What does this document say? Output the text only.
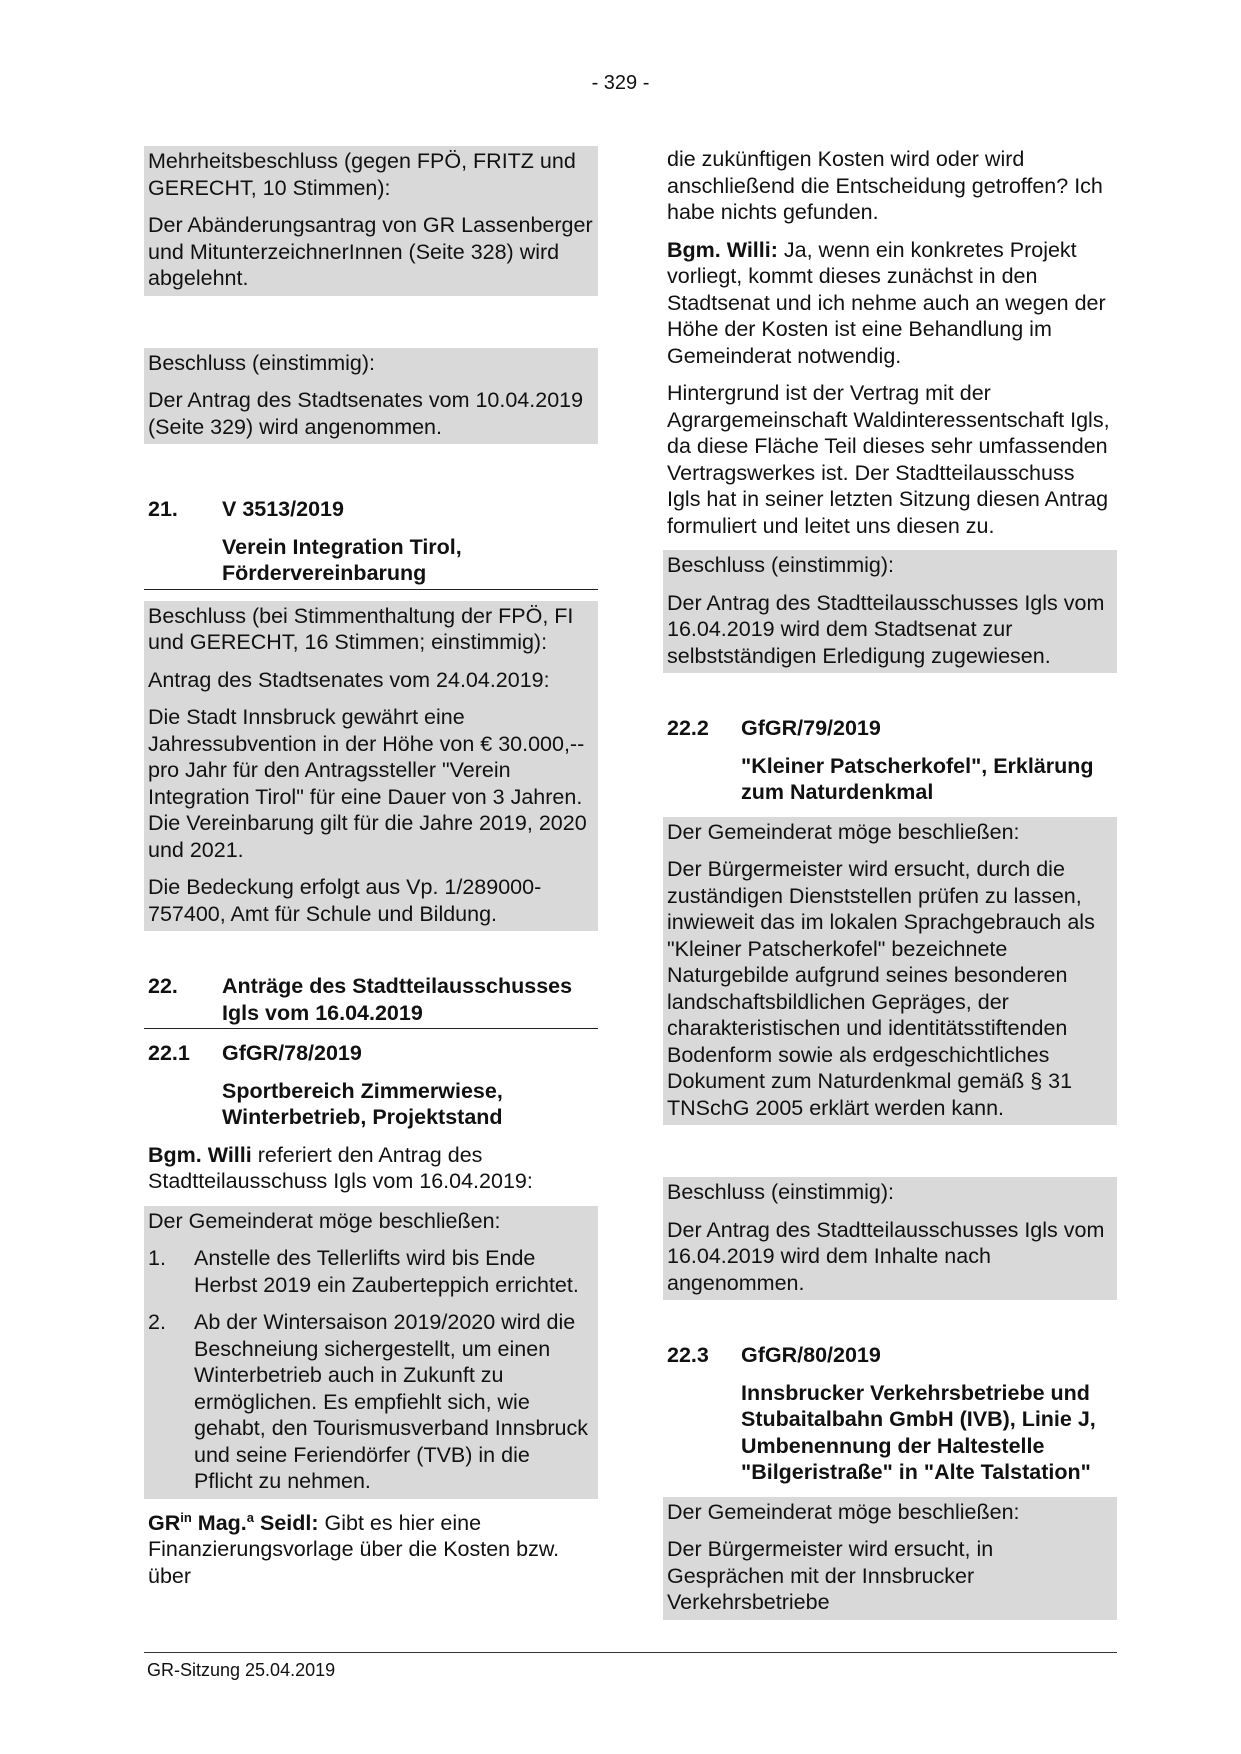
- 329 -

Mehrheitsbeschluss (gegen FPÖ, FRITZ und GERECHT, 10 Stimmen):

Der Abänderungsantrag von GR Lassenberger und MitunterzeichnerInnen (Seite 328) wird abgelehnt.

Beschluss (einstimmig):

Der Antrag des Stadtsenates vom 10.04.2019 (Seite 329) wird angenommen.

21.	V 3513/2019
Verein Integration Tirol, Fördervereinbarung

Beschluss (bei Stimmenthaltung der FPÖ, FI und GERECHT, 16 Stimmen; einstimmig):

Antrag des Stadtsenates vom 24.04.2019:

Die Stadt Innsbruck gewährt eine Jahressubvention in der Höhe von € 30.000,-- pro Jahr für den Antragssteller "Verein Integration Tirol" für eine Dauer von 3 Jahren. Die Vereinbarung gilt für die Jahre 2019, 2020 und 2021.

Die Bedeckung erfolgt aus Vp. 1/289000-757400, Amt für Schule und Bildung.

22.	Anträge des Stadtteilausschusses Igls vom 16.04.2019
22.1	GfGR/78/2019
Sportbereich Zimmerwiese, Winterbetrieb, Projektstand

Bgm. Willi referiert den Antrag des Stadtteilausschuss Igls vom 16.04.2019:

Der Gemeinderat möge beschließen:

1.	Anstelle des Tellerlifts wird bis Ende Herbst 2019 ein Zauberteppich errichtet.
2.	Ab der Wintersaison 2019/2020 wird die Beschneiung sichergestellt, um einen Winterbetrieb auch in Zukunft zu ermöglichen. Es empfiehlt sich, wie gehabt, den Tourismusverband Innsbruck und seine Feriendörfer (TVB) in die Pflicht zu nehmen.

$GR^{in}$ Mag.$^a$ Seidl: Gibt es hier eine Finanzierungsvorlage über die Kosten bzw. über

die zukünftigen Kosten wird oder wird anschließend die Entscheidung getroffen? Ich habe nichts gefunden.

Bgm. Willi: Ja, wenn ein konkretes Projekt vorliegt, kommt dieses zunächst in den Stadtsenat und ich nehme auch an wegen der Höhe der Kosten ist eine Behandlung im Gemeinderat notwendig.

Hintergrund ist der Vertrag mit der Agrargemeinschaft Waldinteressentschaft Igls, da diese Fläche Teil dieses sehr umfassenden Vertragswerkes ist. Der Stadtteilausschuss Igls hat in seiner letzten Sitzung diesen Antrag formuliert und leitet uns diesen zu.

Beschluss (einstimmig):

Der Antrag des Stadtteilausschusses Igls vom 16.04.2019 wird dem Stadtsenat zur selbstständigen Erledigung zugewiesen.

22.2	GfGR/79/2019
"Kleiner Patscherkofel", Erklärung zum Naturdenkmal

Der Gemeinderat möge beschließen:

Der Bürgermeister wird ersucht, durch die zuständigen Dienststellen prüfen zu lassen, inwieweit das im lokalen Sprachgebrauch als "Kleiner Patscherkofel" bezeichnete Naturgebilde aufgrund seines besonderen landschaftsbildlichen Gepräges, der charakteristischen und identitätsstiftenden Bodenform sowie als erdgeschichtliches Dokument zum Naturdenkmal gemäß § 31 TNSchG 2005 erklärt werden kann.

Beschluss (einstimmig):

Der Antrag des Stadtteilausschusses Igls vom 16.04.2019 wird dem Inhalte nach angenommen.

22.3	GfGR/80/2019
Innsbrucker Verkehrsbetriebe und Stubaitalbahn GmbH (IVB), Linie J, Umbenennung der Haltestelle "Bilgeristraße" in "Alte Talstation"

Der Gemeinderat möge beschließen:

Der Bürgermeister wird ersucht, in Gesprächen mit der Innsbrucker Verkehrsbetriebe

GR-Sitzung 25.04.2019
